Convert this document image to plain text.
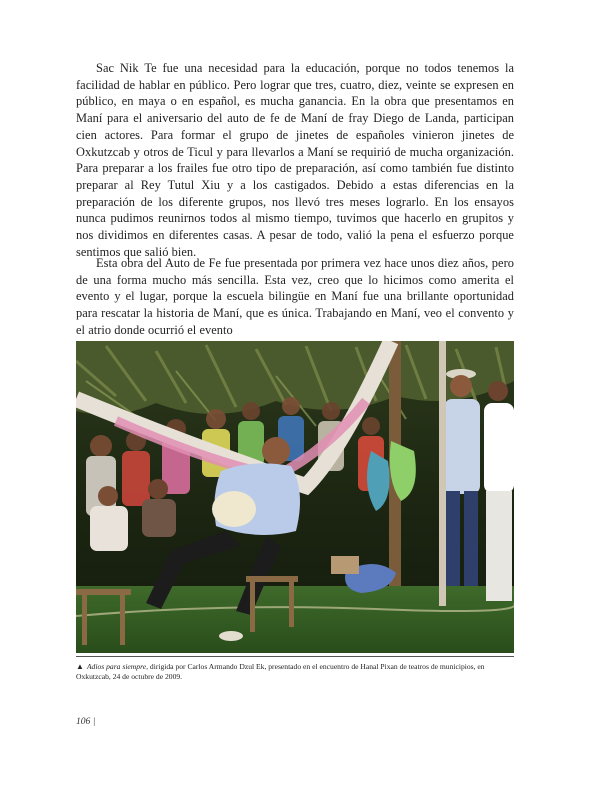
Sac Nik Te fue una necesidad para la educación, porque no todos tenemos la facilidad de hablar en público. Pero lograr que tres, cuatro, diez, veinte se expresen en público, en maya o en español, es mucha ganancia. En la obra que presentamos en Maní para el aniversario del auto de fe de Maní de fray Diego de Landa, participan cien actores. Para formar el grupo de jinetes de españoles vinieron jinetes de Oxkutzcab y otros de Ticul y para llevarlos a Maní se requirió de mucha organización. Para preparar a los frailes fue otro tipo de preparación, así como también fue distinto preparar al Rey Tutul Xiu y a los castigados. Debido a estas diferencias en la preparación de los diferente grupos, nos llevó tres meses lograrlo. En los ensayos nunca pudimos reunirnos todos al mismo tiempo, tuvimos que hacerlo en grupitos y nos dividimos en diferentes casas. A pesar de todo, valió la pena el esfuerzo porque sentimos que salió bien.

Esta obra del Auto de Fe fue presentada por primera vez hace unos diez años, pero de una forma mucho más sencilla. Esta vez, creo que lo hicimos como amerita el evento y el lugar, porque la escuela bilingüe en Maní fue una brillante oportunidad para rescatar la historia de Maní, que es única. Trabajando en Maní, veo el convento y el atrio donde ocurrió el evento

▲ Adios para siempre, dirigida por Carlos Armando Dzul Ek, presentado en el encuentro de Hanal Pixan de teatros de municipios, en Oxkutzcab, 24 de octubre de 2009.
106 |
